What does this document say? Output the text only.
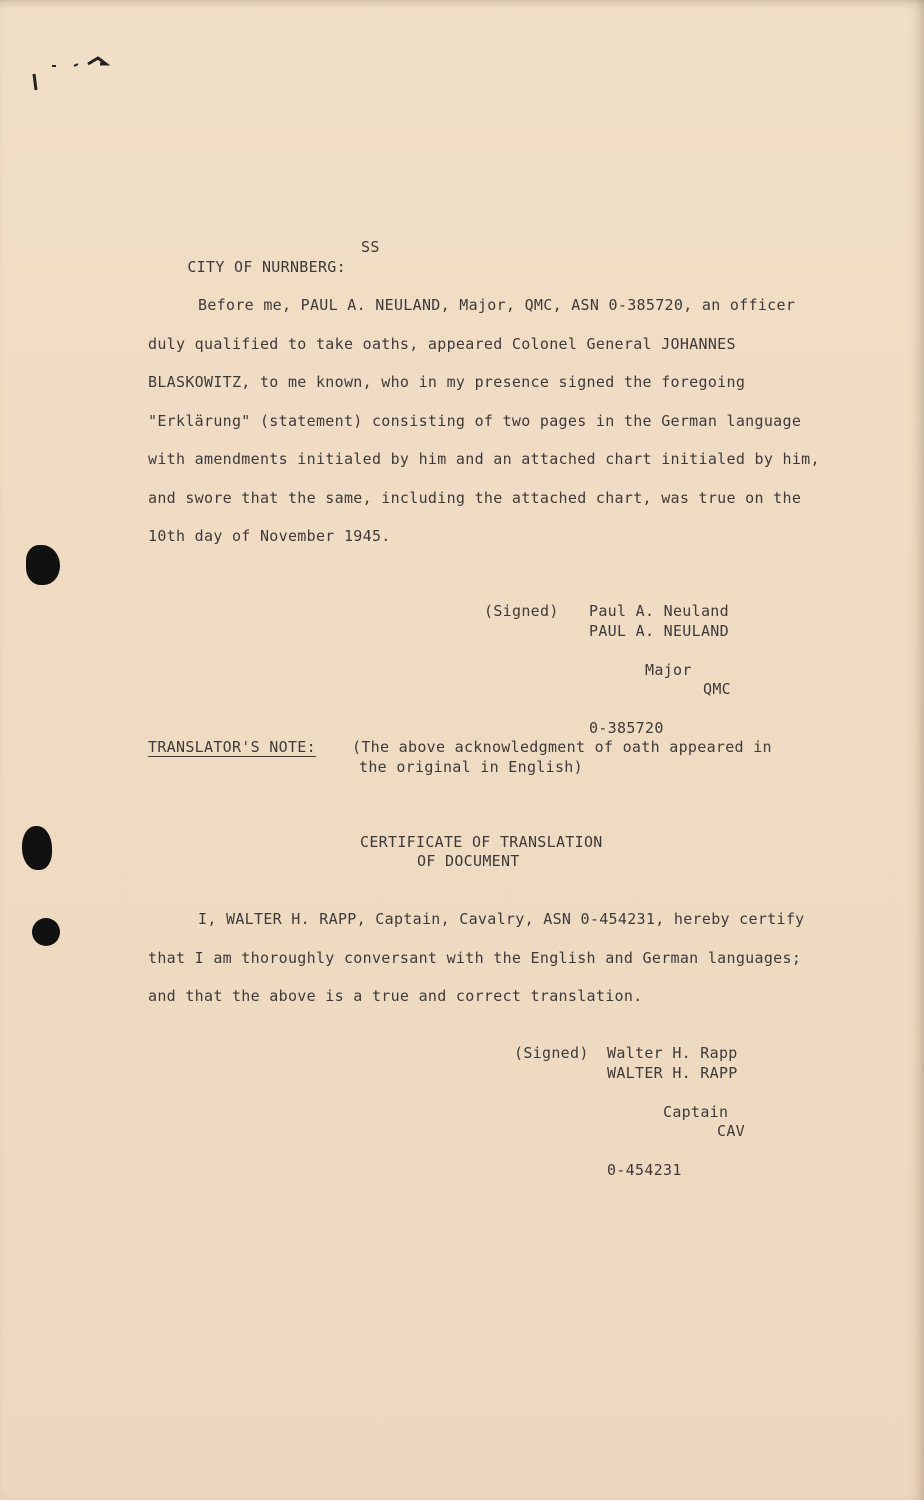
CITY OF NURNBERG:

SS

Before me, PAUL A. NEULAND, Major, QMC, ASN 0-385720, an officer duly qualified to take oaths, appeared Colonel General JOHANNES BLASKOWITZ, to me known, who in my presence signed the foregoing "Erklärung" (statement) consisting of two pages in the German language with amendments initialed by him and an attached chart initialed by him, and swore that the same, including the attached chart, was true on the 10th day of November 1945.

(Signed) Paul A. Neuland
PAUL A. NEULAND

Major

QMC

0-385720
TRANSLATOR'S NOTE: (The above acknowledgment of oath appeared in
the original in English)
CERTIFICATE OF TRANSLATION
OF DOCUMENT

I, WALTER H. RAPP, Captain, Cavalry, ASN 0-454231, hereby certify that I am thoroughly conversant with the English and German languages; and that the above is a true and correct translation.

(Signed) Walter H. Rapp
WALTER H. RAPP

Captain

CAV

0-454231
